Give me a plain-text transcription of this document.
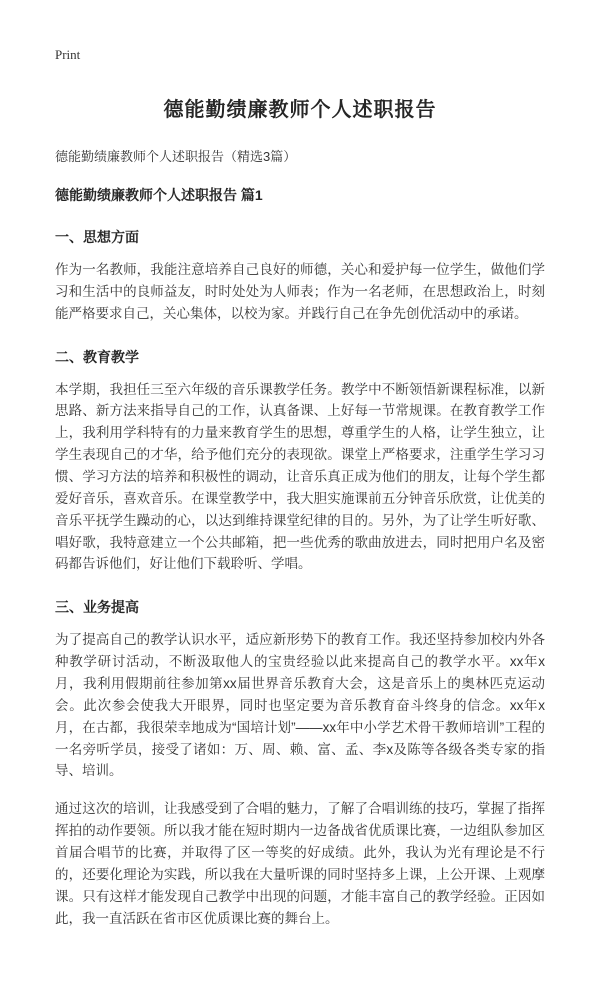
Print
德能勤绩廉教师个人述职报告

德能勤绩廉教师个人述职报告（精选3篇）

德能勤绩廉教师个人述职报告 篇1
一、思想方面

作为一名教师，我能注意培养自己良好的师德，关心和爱护每一位学生，做他们学习和生活中的良师益友，时时处处为人师表；作为一名老师，在思想政治上，时刻能严格要求自己，关心集体，以校为家。并践行自己在争先创优活动中的承诺。

二、教育教学

本学期，我担任三至六年级的音乐课教学任务。教学中不断领悟新课程标准，以新思路、新方法来指导自己的工作，认真备课、上好每一节常规课。在教育教学工作上，我利用学科特有的力量来教育学生的思想，尊重学生的人格，让学生独立，让学生表现自己的才华，给予他们充分的表现欲。课堂上严格要求，注重学生学习习惯、学习方法的培养和积极性的调动，让音乐真正成为他们的朋友，让每个学生都爱好音乐，喜欢音乐。在课堂教学中，我大胆实施课前五分钟音乐欣赏，让优美的音乐平抚学生躁动的心，以达到维持课堂纪律的目的。另外，为了让学生听好歌、唱好歌，我特意建立一个公共邮箱，把一些优秀的歌曲放进去，同时把用户名及密码都告诉他们，好让他们下载聆听、学唱。

三、业务提高

为了提高自己的教学认识水平，适应新形势下的教育工作。我还坚持参加校内外各种教学研讨活动，不断汲取他人的宝贵经验以此来提高自己的教学水平。xx年x月，我利用假期前往参加第xx届世界音乐教育大会，这是音乐上的奥林匹克运动会。此次参会使我大开眼界，同时也坚定要为音乐教育奋斗终身的信念。xx年x月，在古都，我很荣幸地成为“国培计划”——xx年中小学艺术骨干教师培训”工程的一名旁听学员，接受了诸如：万、周、赖、富、孟、李x及陈等各级各类专家的指导、培训。

通过这次的培训，让我感受到了合唱的魅力，了解了合唱训练的技巧，掌握了指挥挥拍的动作要领。所以我才能在短时期内一边备战省优质课比赛，一边组队参加区首届合唱节的比赛，并取得了区一等奖的好成绩。此外，我认为光有理论是不行的，还要化理论为实践，所以我在大量听课的同时坚持多上课，上公开课、上观摩课。只有这样才能发现自己教学中出现的问题，才能丰富自己的教学经验。正因如此，我一直活跃在省市区优质课比赛的舞台上。
